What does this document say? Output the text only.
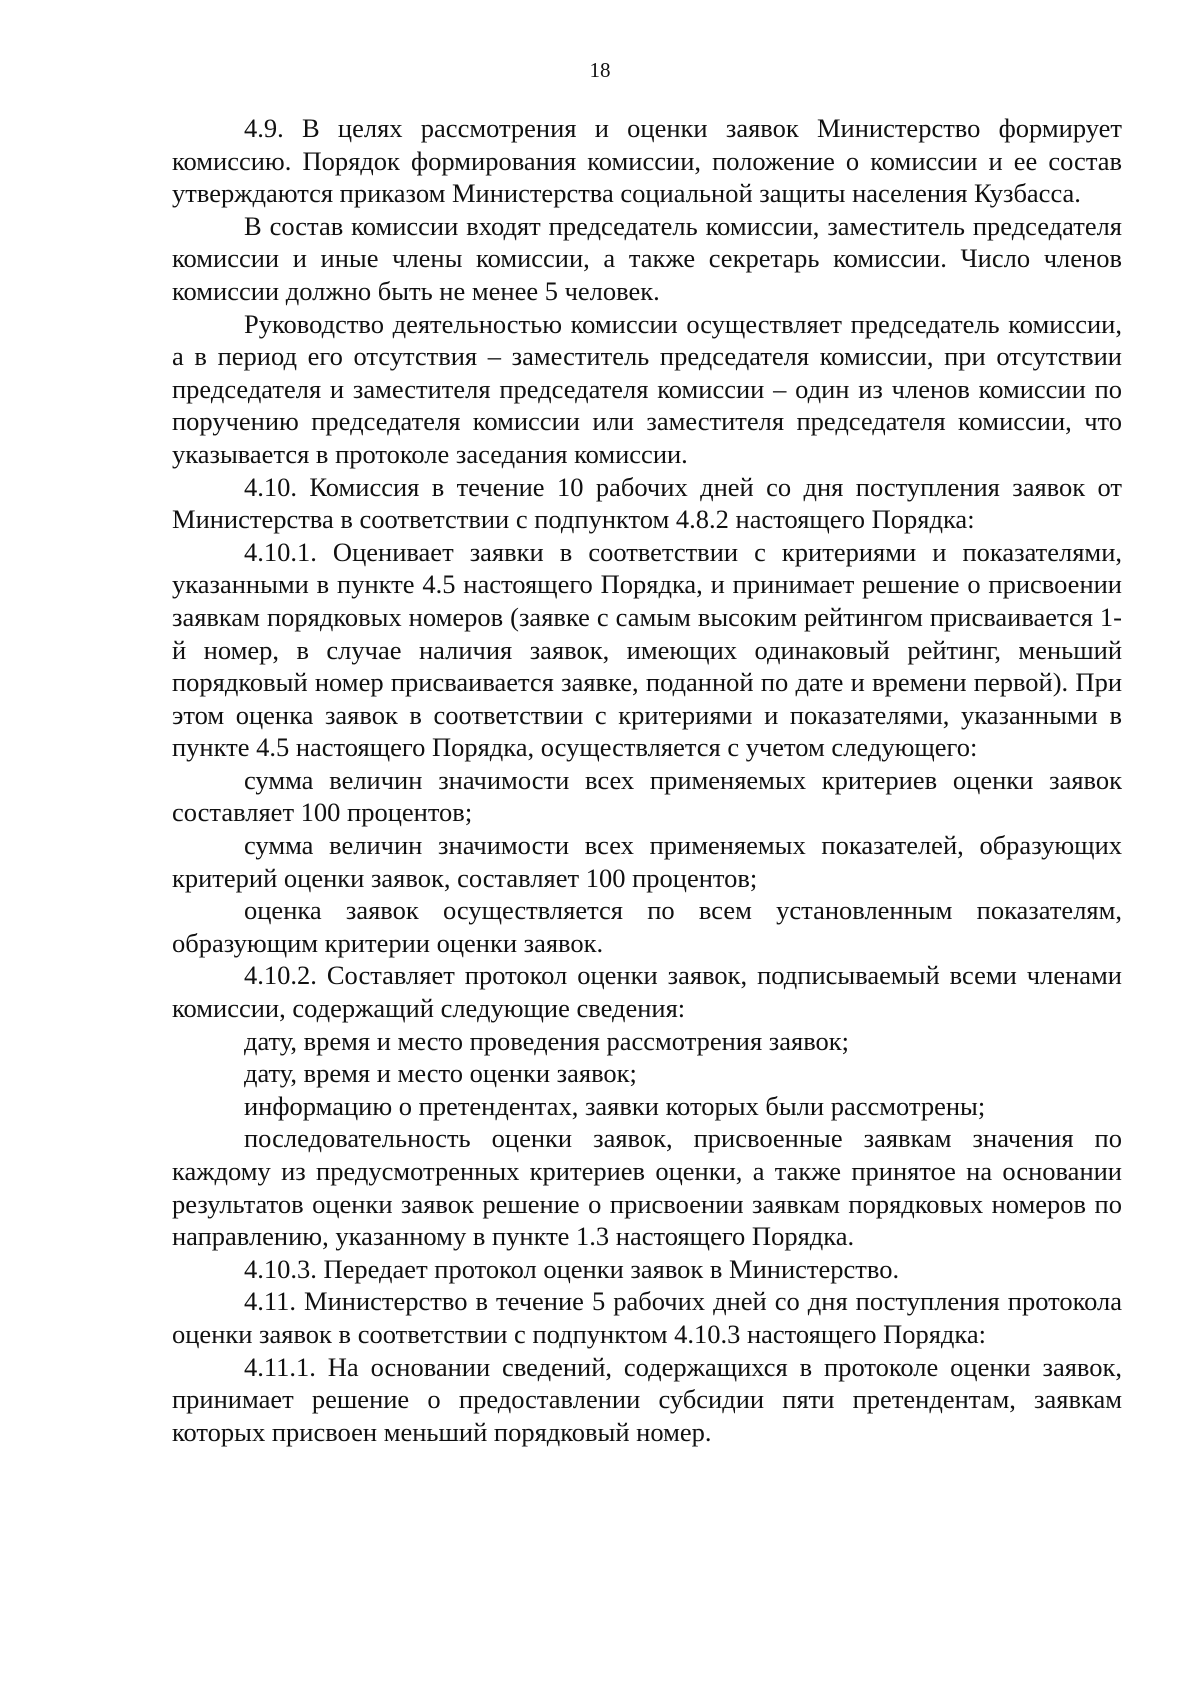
18

4.9. В целях рассмотрения и оценки заявок Министерство формирует комиссию. Порядок формирования комиссии, положение о комиссии и ее состав утверждаются приказом Министерства социальной защиты населения Кузбасса.

В состав комиссии входят председатель комиссии, заместитель председателя комиссии и иные члены комиссии, а также секретарь комиссии. Число членов комиссии должно быть не менее 5 человек.

Руководство деятельностью комиссии осуществляет председатель комиссии, а в период его отсутствия – заместитель председателя комиссии, при отсутствии председателя и заместителя председателя комиссии – один из членов комиссии по поручению председателя комиссии или заместителя председателя комиссии, что указывается в протоколе заседания комиссии.

4.10. Комиссия в течение 10 рабочих дней со дня поступления заявок от Министерства в соответствии с подпунктом 4.8.2 настоящего Порядка:

4.10.1. Оценивает заявки в соответствии с критериями и показателями, указанными в пункте 4.5 настоящего Порядка, и принимает решение о присвоении заявкам порядковых номеров (заявке с самым высоким рейтингом присваивается 1-й номер, в случае наличия заявок, имеющих одинаковый рейтинг, меньший порядковый номер присваивается заявке, поданной по дате и времени первой). При этом оценка заявок в соответствии с критериями и показателями, указанными в пункте 4.5 настоящего Порядка, осуществляется с учетом следующего:

сумма величин значимости всех применяемых критериев оценки заявок составляет 100 процентов;

сумма величин значимости всех применяемых показателей, образующих критерий оценки заявок, составляет 100 процентов;

оценка заявок осуществляется по всем установленным показателям, образующим критерии оценки заявок.

4.10.2. Составляет протокол оценки заявок, подписываемый всеми членами комиссии, содержащий следующие сведения:

дату, время и место проведения рассмотрения заявок;

дату, время и место оценки заявок;

информацию о претендентах, заявки которых были рассмотрены;

последовательность оценки заявок, присвоенные заявкам значения по каждому из предусмотренных критериев оценки, а также принятое на основании результатов оценки заявок решение о присвоении заявкам порядковых номеров по направлению, указанному в пункте 1.3 настоящего Порядка.

4.10.3. Передает протокол оценки заявок в Министерство.

4.11. Министерство в течение 5 рабочих дней со дня поступления протокола оценки заявок в соответствии с подпунктом 4.10.3 настоящего Порядка:

4.11.1. На основании сведений, содержащихся в протоколе оценки заявок, принимает решение о предоставлении субсидии пяти претендентам, заявкам которых присвоен меньший порядковый номер.
